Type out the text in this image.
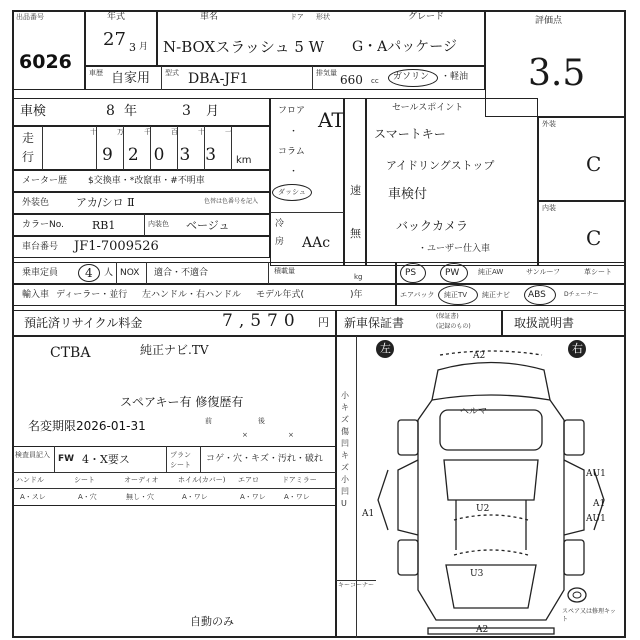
出品番号
6026
年式
27 3 月
車名	ドア 形状	グレード
N-BOXスラッシュ 5 W G・Aパッケージ
評価点
3.5
車歴 自家用 型式 DBA-JF1	排気量 660 cc ガソリン ・軽油
車検	8 年	3 月	フロア
・
コラム
・
ダッシュ
AT
冷
房 AAc
速
無
セールスポイント
スマートキー
アイドリングストップ
車検付
バックカメラ
・ユーザー仕入車
外装
C
内装
C
走
行
十	万	千	百	十	一
92033 km
メーター歴 $交換車・*改竄車・#不明車
外装色 アカ/シロ Ⅱ	色替は色番号を記入
カラーNo.	RB1	内装色 ベージュ
車台番号 JF1-7009526
乗車定員 4 人 NOX 適合・不適合	積載量
kg	PS	PW	純正AW	サンルーフ	革シート
輸入車 ディーラー・並行 左ハンドル・右ハンドル モデル年式(	)年	エアバック 純正TV 純正ナビ ABS	Dチェーナー
預託済リサイクル料金	7,570 円 新車保証書	(保証書)
(記録のもの)	取扱説明書
CTBA	純正ナビ.TV
スペアキー有 修復歴有
名変期限2026-01-31	前	後
×	×
検査員記入 FW 4・X要ス	プラン
シート
コゲ・穴・キズ・汚れ・破れ
ハンドル	シート	オーディオ	ホイル(カバー) エアロ	ドアミラー
A・スレ	A・穴	無し・穴	A・ワレ	A・ワレ	A・ワレ
自動のみ
小キズ 傷 凹 キズ 小凹 U
キーコーナー
左	右
A2
ヘルマ
AU1
A1	U2
AU1
A1
U3
A2
スペア又は修理キット
